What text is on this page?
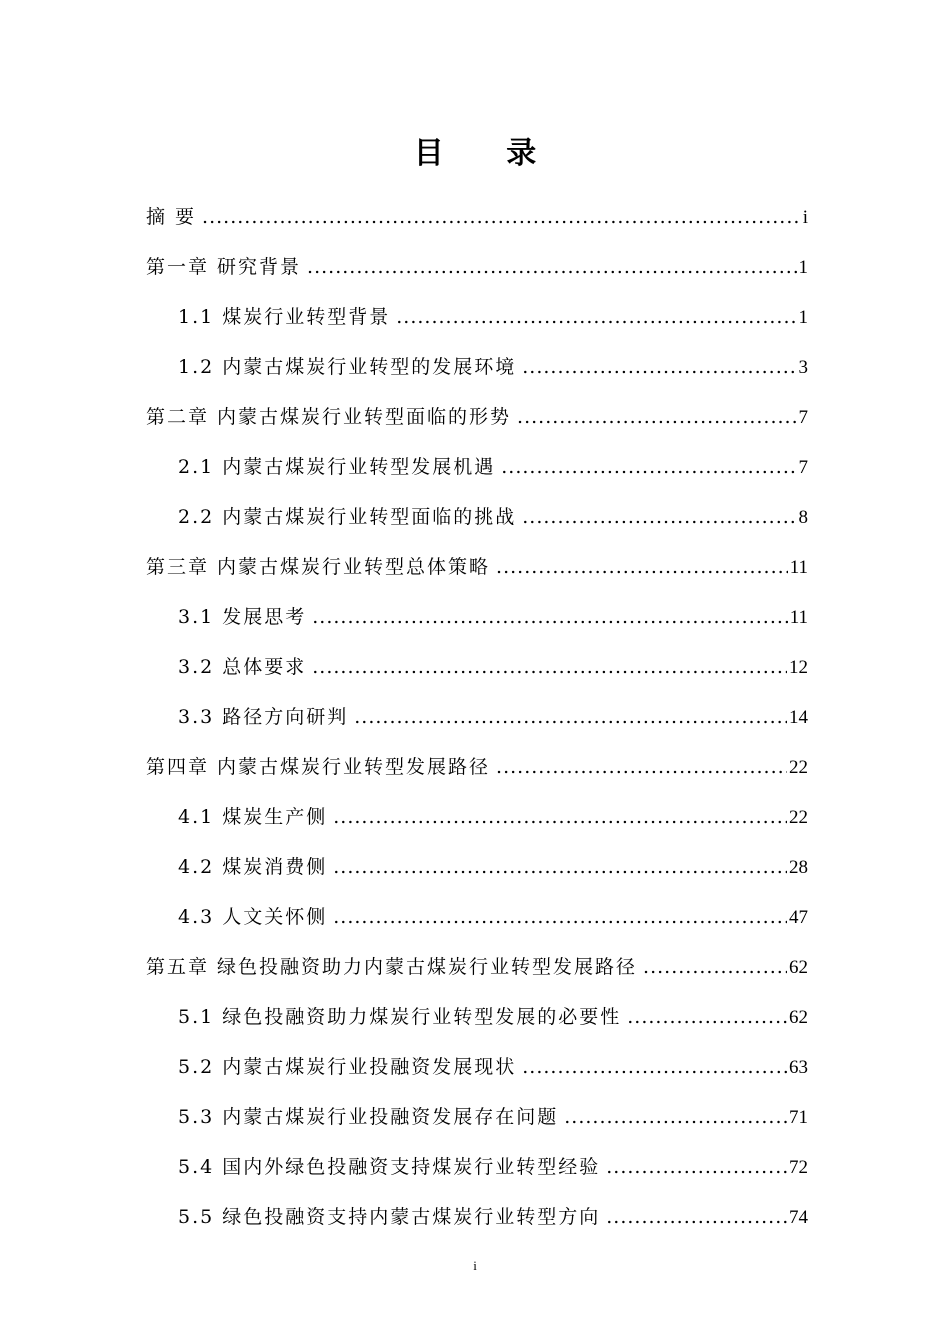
目 录
摘 要 .....	i
第一章 研究背景 .....	1
1.1 煤炭行业转型背景 .....	1
1.2 内蒙古煤炭行业转型的发展环境 .....	3
第二章 内蒙古煤炭行业转型面临的形势 .....	7
2.1 内蒙古煤炭行业转型发展机遇 .....	7
2.2 内蒙古煤炭行业转型面临的挑战 .....	8
第三章 内蒙古煤炭行业转型总体策略 .....	11
3.1 发展思考 .....	11
3.2 总体要求 .....	12
3.3 路径方向研判 .....	14
第四章 内蒙古煤炭行业转型发展路径 .....	22
4.1 煤炭生产侧 .....	22
4.2 煤炭消费侧 .....	28
4.3 人文关怀侧 .....	47
第五章 绿色投融资助力内蒙古煤炭行业转型发展路径 .....	62
5.1 绿色投融资助力煤炭行业转型发展的必要性 .....	62
5.2 内蒙古煤炭行业投融资发展现状 .....	63
5.3 内蒙古煤炭行业投融资发展存在问题 .....	71
5.4 国内外绿色投融资支持煤炭行业转型经验 .....	72
5.5 绿色投融资支持内蒙古煤炭行业转型方向 .....	74
i
